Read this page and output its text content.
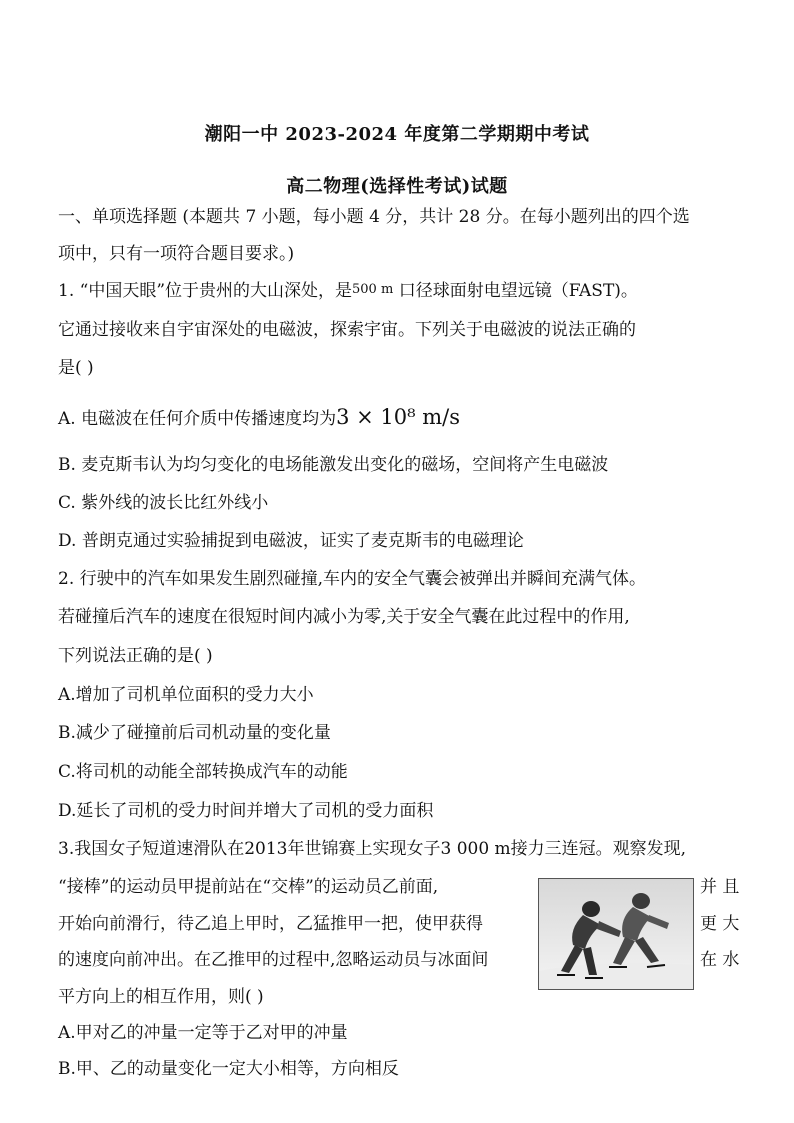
潮阳一中 2023-2024 年度第二学期期中考试
高二物理(选择性考试)试题
一、单项选择题 (本题共 7 小题，每小题 4 分，共计 28 分。在每小题列出的四个选
项中，只有一项符合题目要求。)
1. “中国天眼”位于贵州的大山深处，是500 m 口径球面射电望远镜（FAST)。
它通过接收来自宇宙深处的电磁波，探索宇宙。下列关于电磁波的说法正确的
是( )
A. 电磁波在任何介质中传播速度均为3 × 10⁸ m/s
B. 麦克斯韦认为均匀变化的电场能激发出变化的磁场，空间将产生电磁波
C. 紫外线的波长比红外线小
D. 普朗克通过实验捕捉到电磁波，证实了麦克斯韦的电磁理论
2. 行驶中的汽车如果发生剧烈碰撞,车内的安全气囊会被弹出并瞬间充满气体。
若碰撞后汽车的速度在很短时间内减小为零,关于安全气囊在此过程中的作用,
下列说法正确的是( )
A.增加了司机单位面积的受力大小
B.减少了碰撞前后司机动量的变化量
C.将司机的动能全部转换成汽车的动能
D.延长了司机的受力时间并增大了司机的受力面积
3.我国女子短道速滑队在2013年世锦赛上实现女子3 000 m接力三连冠。观察发现,
“接棒”的运动员甲提前站在“交棒”的运动员乙前面,	并 且
开始向前滑行，待乙追上甲时，乙猛推甲一把，使甲获得	更 大
的速度向前冲出。在乙推甲的过程中,忽略运动员与冰面间	在 水
平方向上的相互作用，则( )
A.甲对乙的冲量一定等于乙对甲的冲量
B.甲、乙的动量变化一定大小相等，方向相反
